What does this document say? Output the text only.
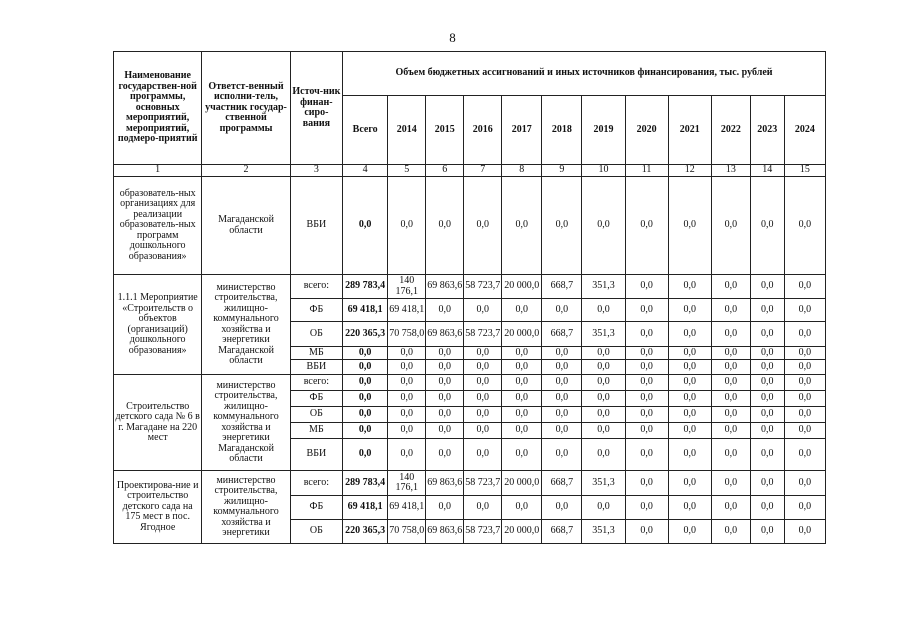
8
Наименование государствен-ной программы, основных мероприятий, мероприятий, подмеро-приятий	Ответст-венный исполни-тель, участник государ-ственной программы	Источ-ник финан-сиро-вания	Объем бюджетных ассигнований и иных источников финансирования, тыс. рублей											
			Всего	2014	2015	2016	2017	2018	2019	2020	2021	2022	2023	2024
1	2	3	4	5	6	7	8	9	10	11	12	13	14	15
образователь-ных организациях для реализации образователь-ных программ дошкольного образования»	Магаданской области	ВБИ	0,0	0,0	0,0	0,0	0,0	0,0	0,0	0,0	0,0	0,0	0,0	0,0
1.1.1 Мероприятие «Строительств о объектов (организаций) дошкольного образования»	министерство строительства, жилищно-коммунального хозяйства и энергетики Магаданской области	всего:	289 783,4	140 176,1	69 863,6	58 723,7	20 000,0	668,7	351,3	0,0	0,0	0,0	0,0	0,0
		ФБ	69 418,1	69 418,1	0,0	0,0	0,0	0,0	0,0	0,0	0,0	0,0	0,0	0,0
		ОБ	220 365,3	70 758,0	69 863,6	58 723,7	20 000,0	668,7	351,3	0,0	0,0	0,0	0,0	0,0
		МБ	0,0	0,0	0,0	0,0	0,0	0,0	0,0	0,0	0,0	0,0	0,0	0,0
		ВБИ	0,0	0,0	0,0	0,0	0,0	0,0	0,0	0,0	0,0	0,0	0,0	0,0
Строительство детского сада № 6 в г. Магадане на 220 мест	министерство строительства, жилищно-коммунального хозяйства и энергетики Магаданской области	всего:	0,0	0,0	0,0	0,0	0,0	0,0	0,0	0,0	0,0	0,0	0,0	0,0
		ФБ	0,0	0,0	0,0	0,0	0,0	0,0	0,0	0,0	0,0	0,0	0,0	0,0
		ОБ	0,0	0,0	0,0	0,0	0,0	0,0	0,0	0,0	0,0	0,0	0,0	0,0
		МБ	0,0	0,0	0,0	0,0	0,0	0,0	0,0	0,0	0,0	0,0	0,0	0,0
		ВБИ	0,0	0,0	0,0	0,0	0,0	0,0	0,0	0,0	0,0	0,0	0,0	0,0
Проектирова-ние и строительство детского сада на 175 мест в пос. Ягодное	министерство строительства, жилищно-коммунального хозяйства и энергетики	всего:	289 783,4	140 176,1	69 863,6	58 723,7	20 000,0	668,7	351,3	0,0	0,0	0,0	0,0	0,0
		ФБ	69 418,1	69 418,1	0,0	0,0	0,0	0,0	0,0	0,0	0,0	0,0	0,0	0,0
		ОБ	220 365,3	70 758,0	69 863,6	58 723,7	20 000,0	668,7	351,3	0,0	0,0	0,0	0,0	0,0
